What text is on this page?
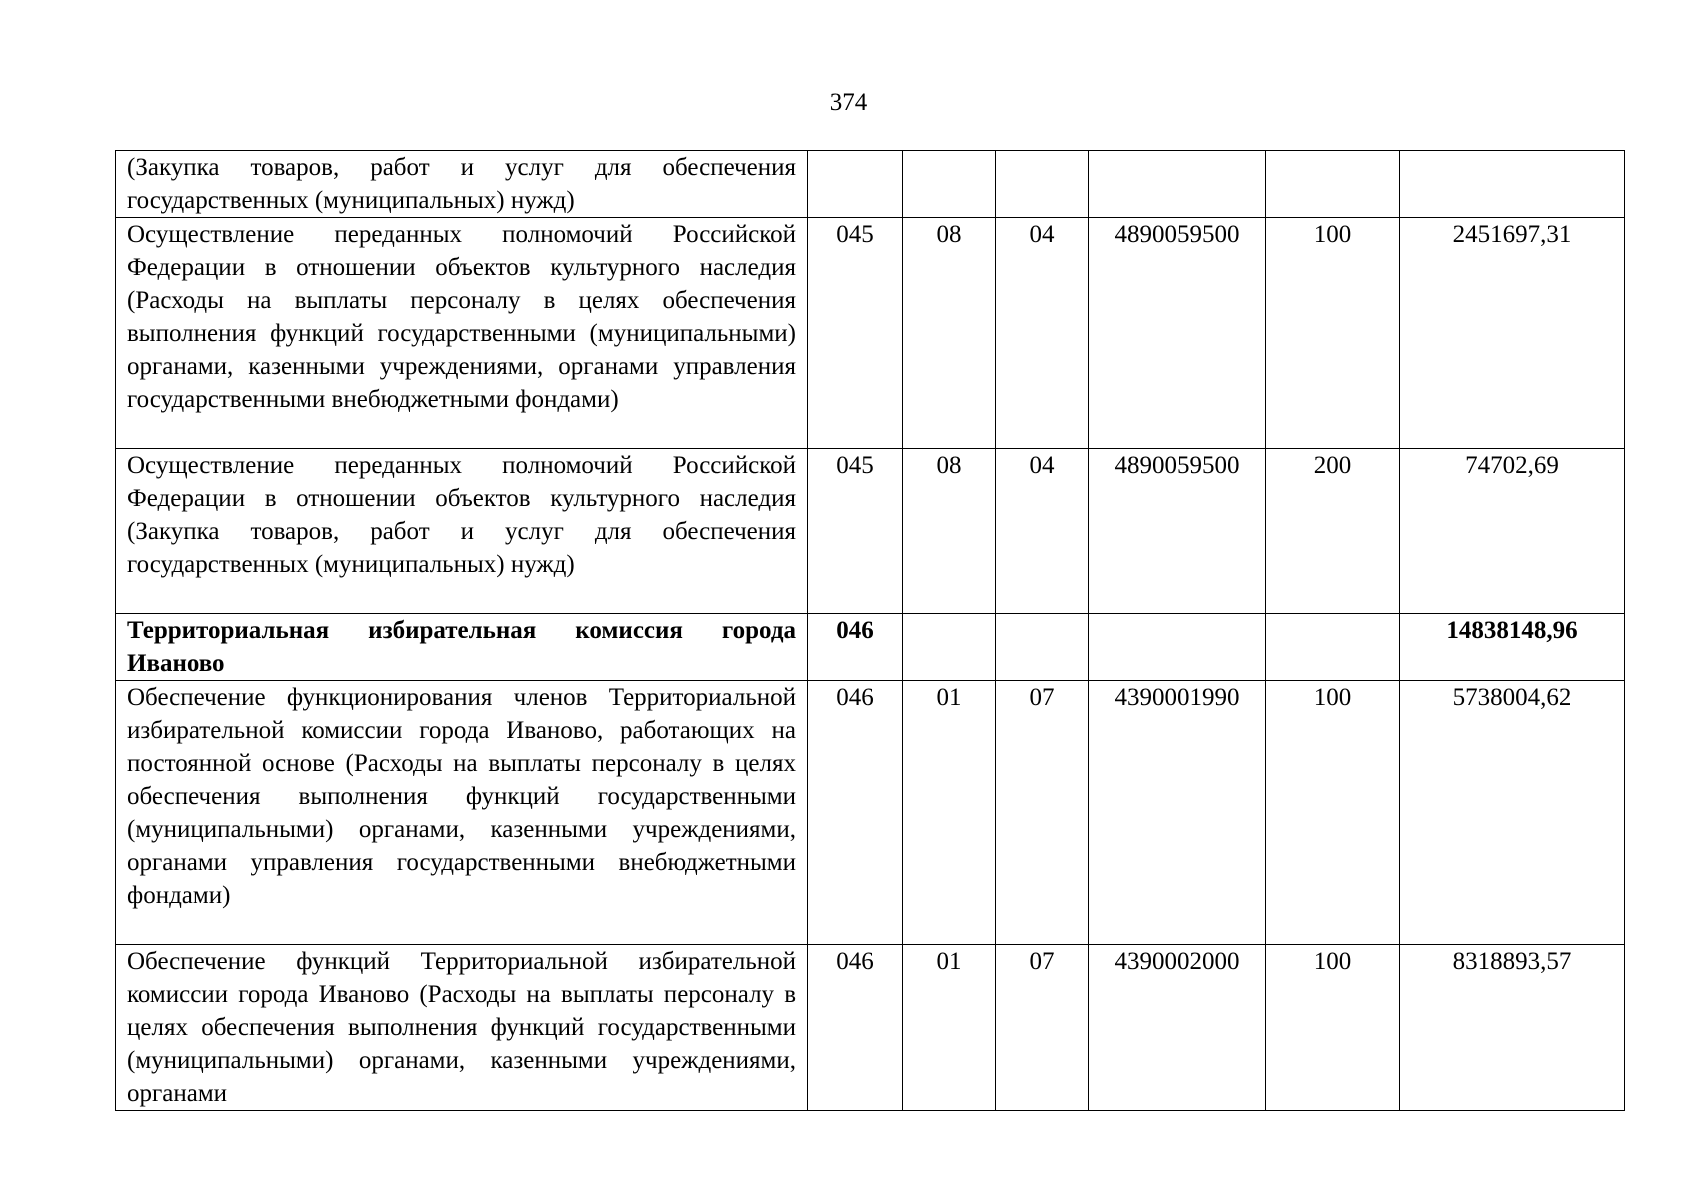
374
(Закупка товаров, работ и услуг для обеспечения государственных (муниципальных) нужд)						
Осуществление переданных полномочий Российской Федерации в отношении объектов культурного наследия (Расходы на выплаты персоналу в целях обеспечения выполнения функций государственными (муниципальными) органами, казенными учреждениями, органами управления государственными внебюджетными фондами)	045	08	04	4890059500	100	2451697,31
Осуществление переданных полномочий Российской Федерации в отношении объектов культурного наследия (Закупка товаров, работ и услуг для обеспечения государственных (муниципальных) нужд)	045	08	04	4890059500	200	74702,69
Территориальная избирательная комиссия города Иваново	046					14838148,96
Обеспечение функционирования членов Территориальной избирательной комиссии города Иваново, работающих на постоянной основе (Расходы на выплаты персоналу в целях обеспечения выполнения функций государственными (муниципальными) органами, казенными учреждениями, органами управления государственными внебюджетными фондами)	046	01	07	4390001990	100	5738004,62
Обеспечение функций Территориальной избирательной комиссии города Иваново (Расходы на выплаты персоналу в целях обеспечения выполнения функций государственными (муниципальными) органами, казенными учреждениями, органами	046	01	07	4390002000	100	8318893,57
